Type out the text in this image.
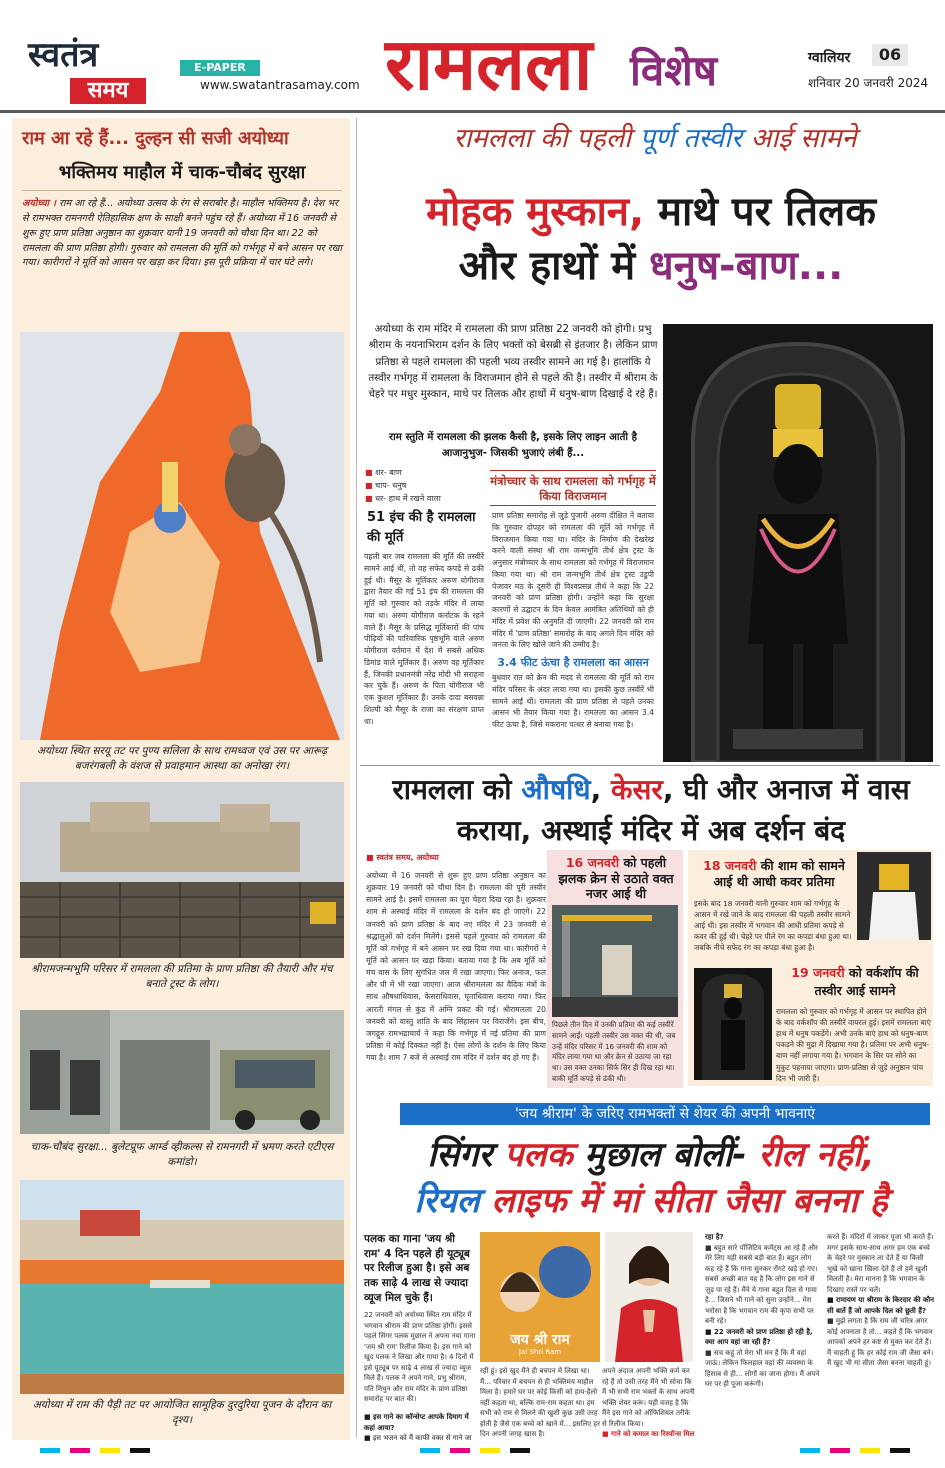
स्वतंत्र
समय
E-PAPER
www.swatantrasamay.com रामलला विशेष	ग्वालियर	06
शनिवार 20 जनवरी 2024
राम आ रहे हैं... दुल्हन सी सजी अयोध्या
भक्तिमय माहौल में चाक-चौबंद सुरक्षा
अयोध्या । राम आ रहे हैं... अयोध्या उत्सव के रंग से सराबोर है। माहौल भक्तिमय है। देश भर से रामभक्त रामनगरी ऐतिहासिक क्षण के साक्षी बनने पहुंच रहे हैं। अयोध्या में 16 जनवरी से शुरू हुए प्राण प्रतिष्ठा अनुष्ठान का शुक्रवार यानी 19 जनवरी को चौथा दिन था। 22 को रामलला की प्राण प्रतिष्ठा होगी। गुरुवार को रामलला की मूर्ति को गर्भगृह में बने आसन पर रखा गया। कारीगरों ने मूर्ति को आसन पर खड़ा कर दिया। इस पूरी प्रक्रिया में चार घंटे लगे।
अयोध्या स्थित सरयू तट पर पुण्य सलिला के साथ रामध्वज एवं उस पर आरूढ़ बजरंगबली के वंशज से प्रवाहमान आस्था का अनोखा रंग।
श्रीरामजन्मभूमि परिसर में रामलला की प्रतिमा के प्राण प्रतिष्ठा की तैयारी और मंच बनाते ट्रस्ट के लोग।
चाक-चौबंद सुरक्षा... बुलेटप्रूफ आर्म्ड व्हीकल्स से रामनगरी में भ्रमण करते एटीएस कमांडो।
अयोध्या में राम की पैड़ी तट पर आयोजित सामूहिक दुरदुरिया पूजन के दौरान का दृश्य।
रामलला की पहली पूर्ण तस्वीर आई सामने
मोहक मुस्कान, माथे पर तिलक
और हाथों में धनुष-बाण...
अयोध्या के राम मंदिर में रामलला की प्राण प्रतिष्ठा 22 जनवरी को होगी। प्रभु श्रीराम के नयनाभिराम दर्शन के लिए भक्तों को बेसब्री से इंतजार है। लेकिन प्राण प्रतिष्ठा से पहले रामलला की पहली भव्य तस्वीर सामने आ गई है। हालांकि ये तस्वीर गर्भगृह में रामलला के विराजमान होने से पहले की है। तस्वीर में श्रीराम के चेहरे पर मधुर मुस्कान, माथे पर तिलक और हाथों में धनुष-बाण दिखाई दे रहे हैं।
राम स्तुति में रामलला की झलक कैसी है, इसके लिए लाइन आती है आजानुभुज- जिसकी भुजाएं लंबी हैं...
■ शर- बाण
■ चाप- धनुष
■ धर- हाथ में रखने वाला
51 इंच की है रामलला की मूर्ति
पहली बार जब रामलला की मूर्ति की तस्वीरें सामने आई थीं, तो वह सफेद कपड़े से ढकी हुई थी। मैसूर के मूर्तिकार अरुण योगीराज द्वारा तैयार की गई 51 इंच की रामलला की मूर्ति को गुरुवार को तड़के मंदिर में लाया गया था। अरुण योगीराज कर्नाटक के रहने वाले हैं। मैसूर के प्रसिद्ध मूर्तिकारों की पांच पीढ़ियों की पारिवारिक पृष्ठभूमि वाले अरुण योगीराज वर्तमान में देश में सबसे अधिक डिमांड वाले मूर्तिकार हैं। अरुण वह मूर्तिकार हैं, जिनकी प्रधानमंत्री नरेंद्र मोदी भी सराहना कर चुके हैं। अरुण के पिता योगीराज भी एक कुशल मूर्तिकार हैं। उनके दादा बसवन्ना शिल्पी को मैसूर के राजा का संरक्षण प्राप्त था।
मंत्रोच्चार के साथ रामलला को गर्भगृह में किया विराजमान
प्राण प्रतिष्ठा समारोह से जुड़े पुजारी अरुण दीक्षित ने बताया कि गुरुवार दोपहर को रामलला की मूर्ति को गर्भगृह में विराजमान किया गया था। मंदिर के निर्माण की देखरेख करने वाली संस्था श्री राम जन्मभूमि तीर्थ क्षेत्र ट्रस्ट के अनुसार मंत्रोच्चार के साथ रामलला को गर्भगृह में विराजमान किया गया था। श्री राम जन्मभूमि तीर्थ क्षेत्र ट्रस्ट उडुपी पेजावर मठ के दूसरी ही विश्वप्रसन्न तीर्थ ने कहा कि 22 जनवरी को प्राण प्रतिष्ठा होगी। उन्होंने कहा कि सुरक्षा कारणों से उद्घाटन के दिन केवल आमंत्रित अतिथियों को ही मंदिर में प्रवेश की अनुमति दी जाएगी। 22 जनवरी को राम मंदिर में 'प्राण प्रतिष्ठा' समारोह के बाद अगले दिन मंदिर को जनता के लिए खोले जाने की उम्मीद है।
3.4 फीट ऊंचा है रामलला का आसन
बुधवार रात को क्रेन की मदद से रामलला की मूर्ति को राम मंदिर परिसर के अंदर लाया गया था। इसकी कुछ तस्वीरें भी सामने आईं थीं। रामलला की प्राण प्रतिष्ठा से पहले उनका आसन भी तैयार किया गया है। रामलला का आसन 3.4 फीट ऊंचा है, जिसे मकराना पत्थर से बनाया गया है।
रामलला को औषधि, केसर, घी और अनाज में वास कराया, अस्थाई मंदिर में अब दर्शन बंद
■ स्वतंत्र समय, अयोध्या
अयोध्या में 16 जनवरी से शुरू हुए प्राण प्रतिष्ठा अनुष्ठान का शुक्रवार 19 जनवरी को चौथा दिन है। रामलला की पूरी तस्वीर सामने आई है। इसमें रामलला का पूरा चेहरा दिख रहा है। शुक्रवार शाम से अस्थाई मंदिर में रामलला के दर्शन बंद हो जाएंगे। 22 जनवरी को प्राण प्रतिष्ठा के बाद नए मंदिर में 23 जनवरी से श्रद्धालुओं को दर्शन मिलेंगे। इससे पहले गुरुवार को रामलला की मूर्ति को गर्भगृह में बने आसन पर रख दिया गया था। कारीगरों ने मूर्ति को आसन पर खड़ा किया। बताया गया है कि अब मूर्ति को मंच वास के लिए सुगंधित जल में रखा जाएगा। फिर अनाज, फल और घी में भी रखा जाएगा। आज श्रीरामलला का वैदिक मंत्रों के साथ औषधाधिवास, केसराधिवास, घृताधिवास कराया गया। फिर आरती मंगल से कुंड में अग्नि प्रकट की गई। श्रीरामलला 20 जनवरी को वास्तु शांति के बाद सिंहासन पर विराजेंगे। इस बीच, जगद्गुरु रामभद्राचार्य ने कहा कि गर्भगृह में नई प्रतिमा की प्राण प्रतिष्ठा में कोई दिक्कत नहीं है। ऐसा लोगों के दर्शन के लिए किया गया है। शाम 7 बजे से अस्थाई राम मंदिर में दर्शन बंद हो गए हैं।
16 जनवरी को पहली झलक क्रेन से उठाते वक्त नजर आई थी
पिछले तीन दिन में उनकी प्रतिमा की कई तस्वीरें सामने आईं। पहली तस्वीर उस वक्त की थी, जब उन्हें मंदिर परिसर में 16 जनवरी की शाम को मंदिर लाया गया था और क्रेन से उठाया जा रहा था। उस वक्त उनका सिर्फ सिर ही दिख रहा था। बाकी मूर्ति कपड़े से ढंकी थी।
18 जनवरी की शाम को सामने आई थी आधी कवर प्रतिमा
इसके बाद 18 जनवरी यानी गुरुवार शाम को गर्भगृह के आसन में रखे जाने के बाद रामलला की पहली तस्वीर सामने आई थी। इस तस्वीर में भगवान की आधी प्रतिमा कपड़े से कवर की हुई थी। चेहरे पर पीले रंग का कपड़ा बंधा हुआ था। जबकि नीचे सफेद रंग का कपड़ा बंधा हुआ है।
19 जनवरी को वर्कशॉप की तस्वीर आई सामने
रामलला को गुरुवार को गर्भगृह में आसन पर स्थापित होने के बाद वर्कशॉप की तस्वीरें वायरल हुई। इसमें रामलला बाएं हाथ में धनुष पकड़ेंगे। अभी उनके बाएं हाथ को धनुष-बाण पकड़ने की मुद्रा में दिखाया गया है। प्रतिमा पर अभी धनुष-बाण नहीं लगाया गया है। भगवान के सिर पर सोने का मुकुट पहनाया जाएगा। प्राण-प्रतिष्ठा से जुड़े अनुष्ठान पांच दिन भी जारी हैं।
'जय श्रीराम' के जरिए रामभक्तों से शेयर की अपनी भावनाएं
सिंगर पलक मुछाल बोलीं- रील नहीं,
रियल लाइफ में मां सीता जैसा बनना है
पलक का गाना 'जय श्री राम' 4 दिन पहले ही यूट्यूब पर रिलीज हुआ है। इसे अब तक साढ़े 4 लाख से ज्यादा व्यूज मिल चुके हैं।
22 जनवरी को अयोध्या स्थित राम मंदिर में भगवान श्रीराम की प्राण प्रतिष्ठा होगी। इससे पहले सिंगर पलक मुछाल ने अपना नया गाना 'जय श्री राम' रिलीज किया है। इस गाने को खुद पलक ने लिखा और गाया है। 4 दिनों में इसे यूट्यूब पर साढ़े 4 लाख से ज्यादा व्यूज मिले हैं। पलक ने अपने गाने, प्रभु श्रीराम, पति मिथुन और राम मंदिर के प्राण प्रतिष्ठा समारोह पर बात की।
■ इस गाने का कॉन्सेप्ट आपके दिमाग में कहां आया?
■ इस भजन को मैं काफी वक्त से गाने जा
जय श्री राम
Jai Shri Ram
रहीं हूं। इसे खुद मैंने ही बचपन में लिखा था। मैं... परिवार में बचपन से ही भक्तिमय माहौल मिला है। हमारे घर पर कोई किसी को हाय-हैलो नहीं कहता था, बल्कि राम-राम कहता था। हम सभी को राम से मिलने की खुशी कुछ उसी तरह होती है जैसे एक बच्चे को खाने में... इसलिए हर दिन अपनी जगह खास है।
अपने अंदाज अपनी भक्ति कर्म कर रहे हैं तो उसी तरह मैंने भी सोचा कि मैं भी सभी राम भक्तों के साथ अपनी भक्ति शेयर करूं। यही वजह है कि मैंने इस गाने को ऑफिशियल तरीके से रिलीज किया।
■ गाने को कमाल का रिस्पॉन्स मिल
रहा है?
■ बहुत सारे पॉजिटिव कमेंट्स आ रहे हैं और मेरे लिए यही सबसे बड़ी बात है। बहुत लोग कह रहे हैं कि गाना सुनकर रोंगटे खड़े हो गए। सबसे अच्छी बात यह है कि लोग इस गाने से जुड़ पा रहे हैं। मैंने ये गाना बहुत दिल से गाया है... जिसने भी गाने को सुना उन्होंने... मेरा भरोसा है कि भगवान राम की कृपा सभी पर बनी रहे।
■ 22 जनवरी को प्राण प्रतिष्ठा हो रही है, क्या आप वहां जा रही हैं?
■ सच कहूं तो मेरा भी मन है कि मैं वहां जाऊं। लेकिन फिलहाल वहां की व्यवस्था के हिसाब से ही... लोगों का जाना होगा। मैं अपने घर पर ही पूजा करूंगी।
करते हैं। मंदिरों में जाकर पूजा भी करते हैं। मगर इसके साथ-साथ अगर हम एक बच्चे के चेहरे पर मुस्कान ला देते हैं या किसी भूखे को खाना खिला देते हैं तो हमें खुशी मिलती है। मेरा मानना है कि भगवान के दिखाए रास्ते पर चलें।
■ रामायण या श्रीराम के किरदार की कौन सी बातें हैं जो आपके दिल को छूती हैं?
■ मुझे लगता है कि राम जी चरित्र अगर कोई अपनाता है तो... कहते हैं कि भगवान आपको अपने हर कष्ट से मुक्त कर देते हैं। मैं चाहती हूं कि हर कोई राम जी जैसा बने। मैं खुद भी मां सीता जैसा बनना चाहती हूं।
